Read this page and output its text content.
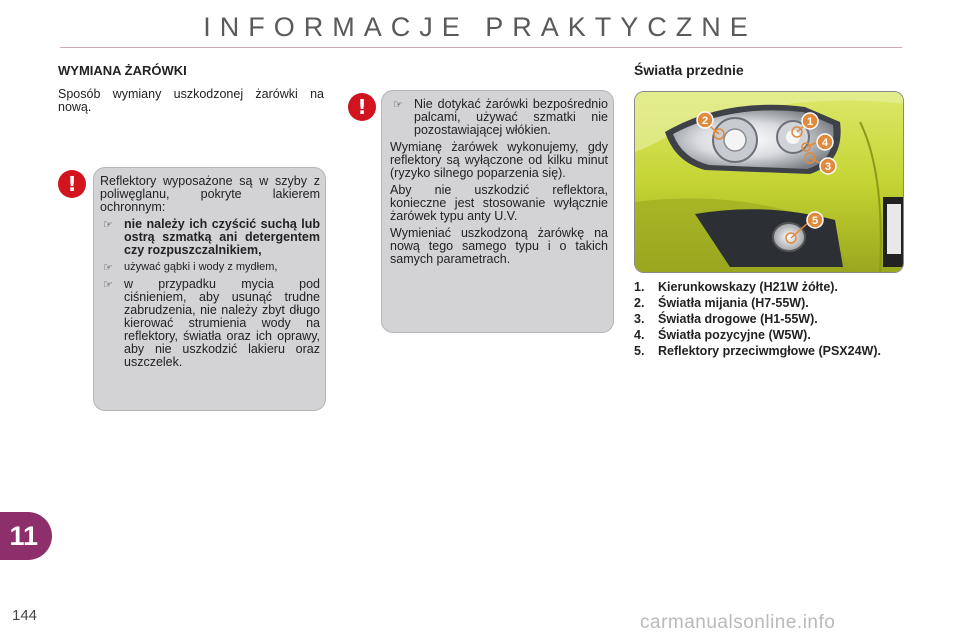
INFORMACJE PRAKTYCZNE
WYMIANA ŻARÓWKI
Sposób wymiany uszkodzonej żarówki na nową.
!	Reflektory wyposażone są w szyby z poliwęglanu, pokryte lakierem ochronnym:

☞ nie należy ich czyścić suchą lub ostrą szmatką ani detergentem czy rozpuszczalnikiem,
☞ używać gąbki i wody z mydłem,
☞ w przypadku mycia pod ciśnieniem, aby usunąć trudne zabrudzenia, nie należy zbyt długo kierować strumienia wody na reflektory, światła oraz ich oprawy, aby nie uszkodzić lakieru oraz uszczelek.
!	☞ Nie dotykać żarówki bezpośrednio palcami, używać szmatki nie pozostawiającej włókien.

Wymianę żarówek wykonujemy, gdy reflektory są wyłączone od kilku minut (ryzyko silnego poparzenia się).

Aby nie uszkodzić reflektora, konieczne jest stosowanie wyłącznie żarówek typu anty U.V.

Wymieniać uszkodzoną żarówkę na nową tego samego typu i o takich samych parametrach.

Światła przednie
2	1
4
3
5
1. Kierunkowskazy (H21W żółte).
2. Światła mijania (H7-55W).
3. Światła drogowe (H1-55W).
4. Światła pozycyjne (W5W).
5. Reflektory przeciwmgłowe (PSX24W).
11
144	carmanualsonline.info
